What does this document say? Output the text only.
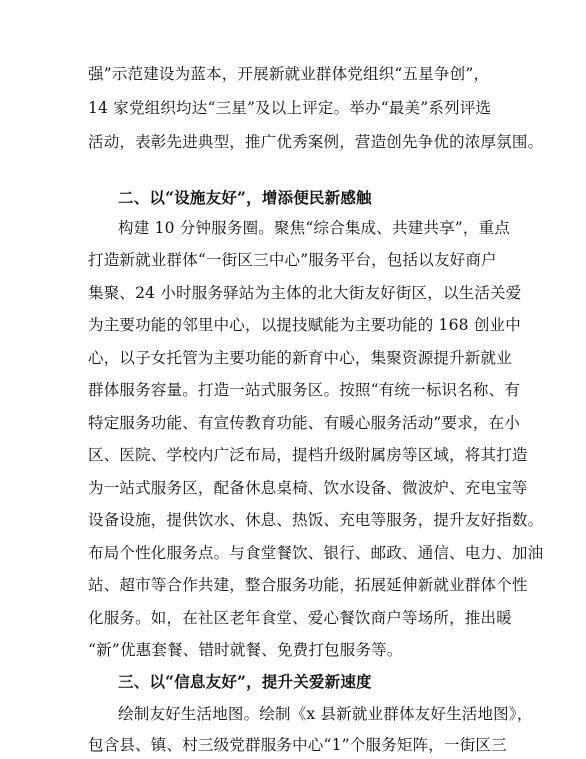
强”示范建设为蓝本，开展新就业群体党组织“五星争创”，
14 家党组织均达“三星”及以上评定。举办“最美”系列评选
活动，表彰先进典型，推广优秀案例，营造创先争优的浓厚氛围。
二、以“设施友好”，增添便民新感触
构建 10 分钟服务圈。聚焦“综合集成、共建共享”，重点
打造新就业群体“一街区三中心”服务平台，包括以友好商户
集聚、24 小时服务驿站为主体的北大街友好街区，以生活关爱
为主要功能的邻里中心，以提技赋能为主要功能的 168 创业中
心，以子女托管为主要功能的新育中心，集聚资源提升新就业
群体服务容量。打造一站式服务区。按照“有统一标识名称、有
特定服务功能、有宣传教育功能、有暖心服务活动”要求，在小
区、医院、学校内广泛布局，提档升级附属房等区域，将其打造
为一站式服务区，配备休息桌椅、饮水设备、微波炉、充电宝等
设备设施，提供饮水、休息、热饭、充电等服务，提升友好指数。
布局个性化服务点。与食堂餐饮、银行、邮政、通信、电力、加油
站、超市等合作共建，整合服务功能，拓展延伸新就业群体个性
化服务。如，在社区老年食堂、爱心餐饮商户等场所，推出暖
“新”优惠套餐、错时就餐、免费打包服务等。
三、以“信息友好”，提升关爱新速度
绘制友好生活地图。绘制《x 县新就业群体友好生活地图》，
包含县、镇、村三级党群服务中心“1”个服务矩阵，一街区三
